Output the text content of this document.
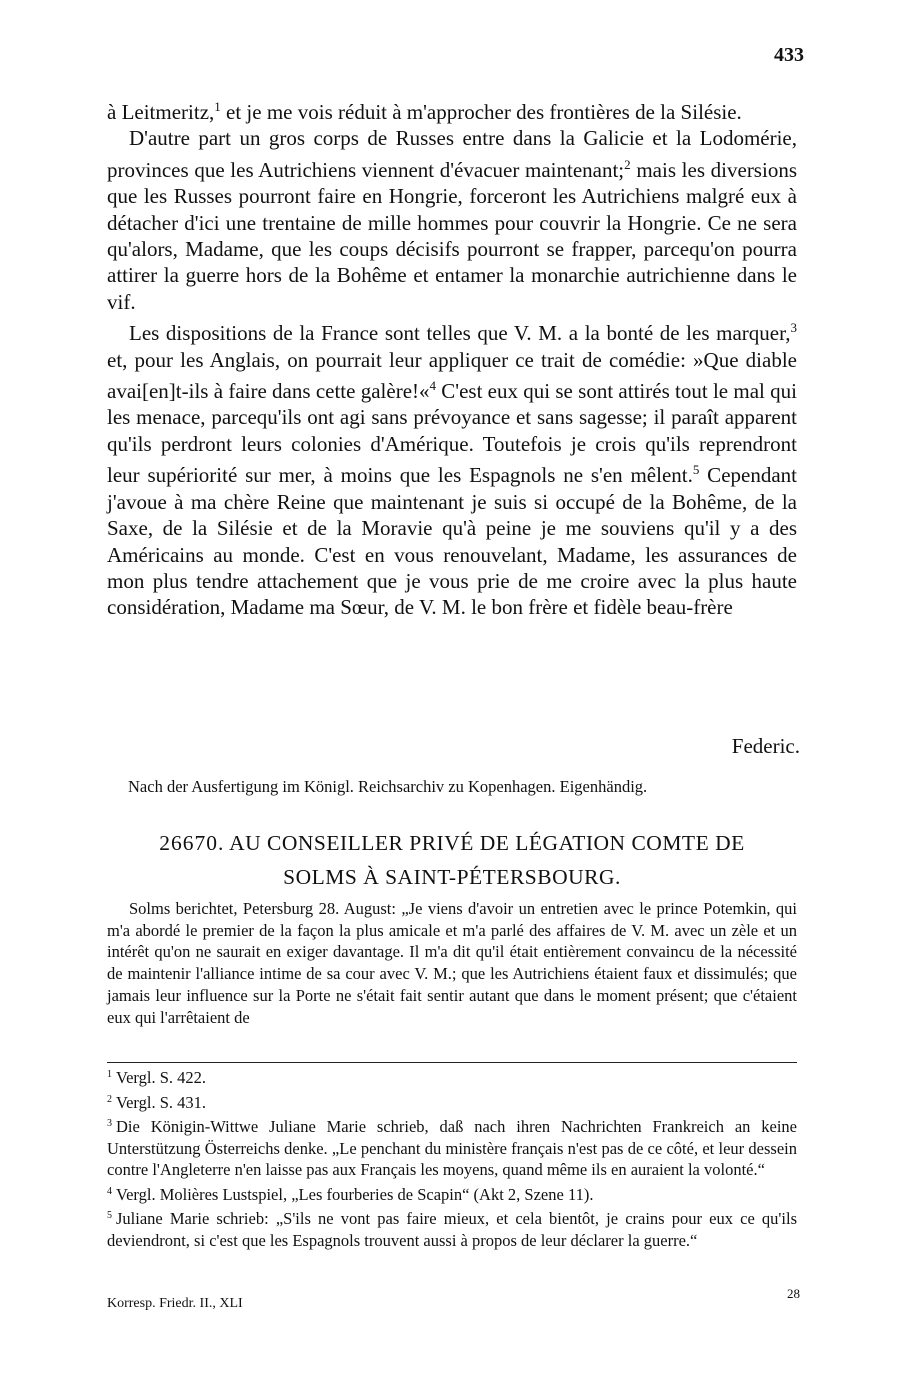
433

à Leitmeritz,$^1$ et je me vois réduit à m'approcher des frontières de la Silésie.

D'autre part un gros corps de Russes entre dans la Galicie et la Lodomérie, provinces que les Autrichiens viennent d'évacuer maintenant;$^2$ mais les diversions que les Russes pourront faire en Hongrie, forceront les Autrichiens malgré eux à détacher d'ici une trentaine de mille hommes pour couvrir la Hongrie. Ce ne sera qu'alors, Madame, que les coups décisifs pourront se frapper, parcequ'on pourra attirer la guerre hors de la Bohême et entamer la monarchie autrichienne dans le vif.

Les dispositions de la France sont telles que V. M. a la bonté de les marquer,$^3$ et, pour les Anglais, on pourrait leur appliquer ce trait de comédie: »Que diable avai[en]t-ils à faire dans cette galère!«$^4$ C'est eux qui se sont attirés tout le mal qui les menace, parcequ'ils ont agi sans prévoyance et sans sagesse; il paraît apparent qu'ils perdront leurs colonies d'Amérique. Toutefois je crois qu'ils reprendront leur supériorité sur mer, à moins que les Espagnols ne s'en mêlent.$^5$ Cependant j'avoue à ma chère Reine que maintenant je suis si occupé de la Bohême, de la Saxe, de la Silésie et de la Moravie qu'à peine je me souviens qu'il y a des Américains au monde. C'est en vous renouvelant, Madame, les assurances de mon plus tendre attachement que je vous prie de me croire avec la plus haute considération, Madame ma Sœur, de V. M. le bon frère et fidèle beau-frère

Federic.
Nach der Ausfertigung im Königl. Reichsarchiv zu Kopenhagen. Eigenhändig.
26670. AU CONSEILLER PRIVÉ DE LÉGATION COMTE DE
SOLMS À SAINT-PÉTERSBOURG.

Solms berichtet, Petersburg 28. August: „Je viens d'avoir un entretien avec le prince Potemkin, qui m'a abordé le premier de la façon la plus amicale et m'a parlé des affaires de V. M. avec un zèle et un intérêt qu'on ne saurait en exiger davantage. Il m'a dit qu'il était entièrement convaincu de la nécessité de maintenir l'alliance intime de sa cour avec V. M.; que les Autrichiens étaient faux et dissimulés; que jamais leur influence sur la Porte ne s'était fait sentir autant que dans le moment présent; que c'étaient eux qui l'arrêtaient de

$^1$ Vergl. S. 422.
$^2$ Vergl. S. 431.
$^3$ Die Königin-Wittwe Juliane Marie schrieb, daß nach ihren Nachrichten Frankreich an keine Unterstützung Österreichs denke. „Le penchant du ministère français n'est pas de ce côté, et leur dessein contre l'Angleterre n'en laisse pas aux Français les moyens, quand même ils en auraient la volonté.“
$^4$ Vergl. Molières Lustspiel, „Les fourberies de Scapin“ (Akt 2, Szene 11).
$^5$ Juliane Marie schrieb: „S'ils ne vont pas faire mieux, et cela bientôt, je crains pour eux ce qu'ils deviendront, si c'est que les Espagnols trouvent aussi à propos de leur déclarer la guerre.“
Korresp. Friedr. II., XLI
28
